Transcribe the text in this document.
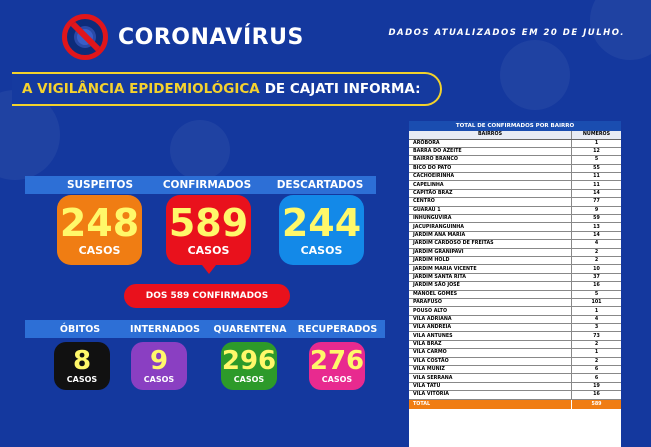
CORONAVÍRUS	DADOS ATUALIZADOS EM 20 DE JULHO.
A VIGILÂNCIA EPIDEMIOLÓGICA DE CAJATI INFORMA:
SUSPEITOS	CONFIRMADOS	DESCARTADOS
248
CASOS
589
CASOS
244
CASOS
DOS 589 CONFIRMADOS
ÓBITOS	INTERNADOS	QUARENTENA	RECUPERADOS
8
CASOS
9
CASOS
296
CASOS
276
CASOS
TOTAL DE CONFIRMADOS POR BAIRRO
BAIRROS	NÚMEROS
ARÓBORA	1
BARRA DO AZEITE	12
BAIRRO BRANCO	5
BICO DO PATO	55
CACHOEIRINHA	11
CAPELINHA	11
CAPITÃO BRAZ	14
CENTRO	77
GUARAÚ 1	9
INHUNGUVIRA	59
JACUPIRANGUINHA	13
JARDIM ANA MARIA	14
JARDIM CARDOSO DE FREITAS	4
JARDIM GRANIPAVI	2
JARDIM HOLD	2
JARDIM MARIA VICENTE	10
JARDIM SANTA RITA	37
JARDIM SÃO JOSÉ	16
MANOEL GOMES	5
PARAFUSO	101
POUSO ALTO	1
VILA ADRIANA	4
VILA ANDREIA	3
VILA ANTUNES	73
VILA BRAZ	2
VILA CARMO	1
VILA COSTÃO	2
VILA MUNIZ	6
VILA SERRANA	6
VILA TATU	19
VILA VITÓRIA	16
TOTAL	589
